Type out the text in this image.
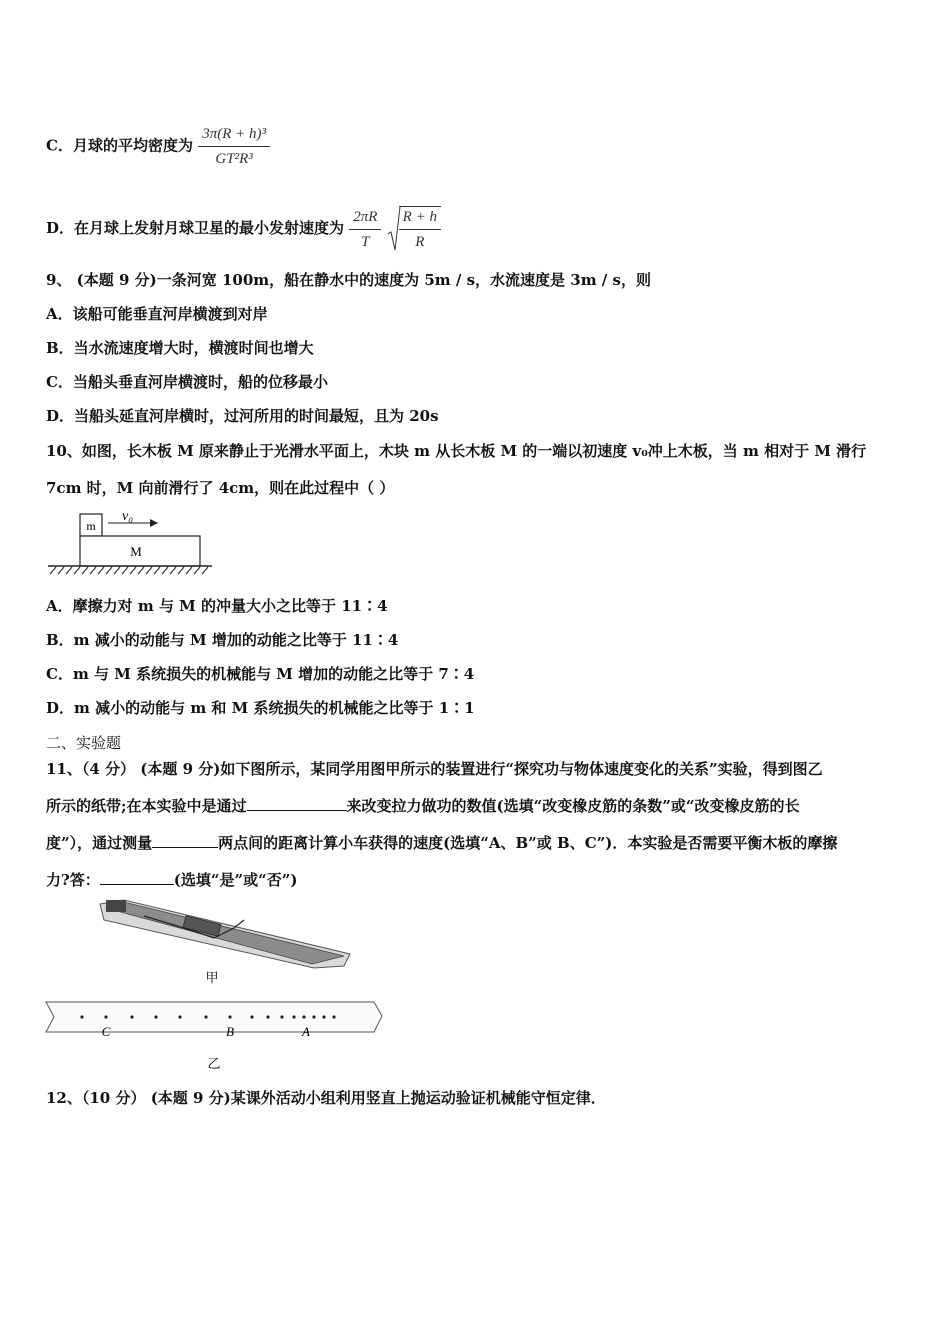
C．月球的平均密度为 $\frac{\text{3π(R + h)³}}{\text{GT²R³}}$
D．在月球上发射月球卫星的最小发射速度为 $\frac{2\pi R}{T}$
$\frac{R + h}{R}$
9、 (本题 9 分)一条河宽 100m，船在静水中的速度为 5m / s，水流速度是 3m / s，则
A．该船可能垂直河岸横渡到对岸
B．当水流速度增大时，横渡时间也增大
C．当船头垂直河岸横渡时，船的位移最小
D．当船头延直河岸横时，过河所用的时间最短，且为 20s
10、如图，长木板 M 原来静止于光滑水平面上，木块 m 从长木板 M 的一端以初速度 v₀冲上木板，当 m 相对于 M 滑行
7cm 时，M 向前滑行了 4cm，则在此过程中（ ）
m
v₀
M
A．摩擦力对 m 与 M 的冲量大小之比等于 11∶4
B．m 减小的动能与 M 增加的动能之比等于 11∶4
C．m 与 M 系统损失的机械能与 M 增加的动能之比等于 7∶4
D．m 减小的动能与 m 和 M 系统损失的机械能之比等于 1∶1
二、实验题
11、（4 分） (本题 9 分)如下图所示，某同学用图甲所示的装置进行“探究功与物体速度变化的关系”实验，得到图乙
所示的纸带;在本实验中是通过	来改变拉力做功的数值(选填“改变橡皮筋的条数”或“改变橡皮筋的长
度”），通过测量	两点间的距离计算小车获得的速度(选填“A、B”或 B、C”)．本实验是否需要平衡木板的摩擦
力?答：	(选填“是”或“否”)
甲
C	B	A
乙
12、（10 分） (本题 9 分)某课外活动小组利用竖直上抛运动验证机械能守恒定律．
